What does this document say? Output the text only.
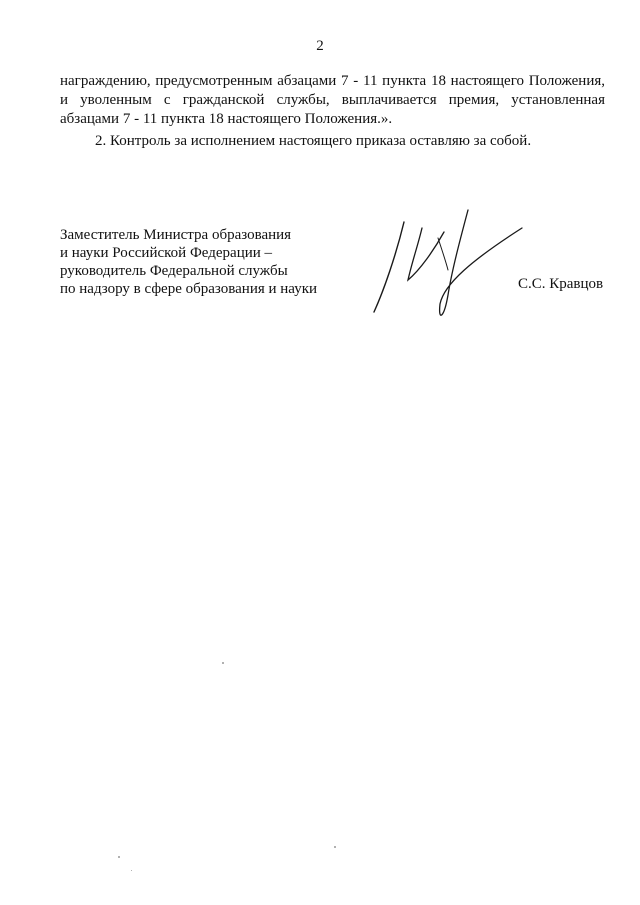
2

награждению, предусмотренным абзацами 7 - 11 пункта 18 настоящего Положения,
и уволенным с гражданской службы, выплачивается премия, установленная
абзацами 7 - 11 пункта 18 настоящего Положения.».

2. Контроль за исполнением настоящего приказа оставляю за собой.

Заместитель Министра образования
и науки Российской Федерации –
руководитель Федеральной службы
по надзору в сфере образования и науки	С.С. Кравцов
